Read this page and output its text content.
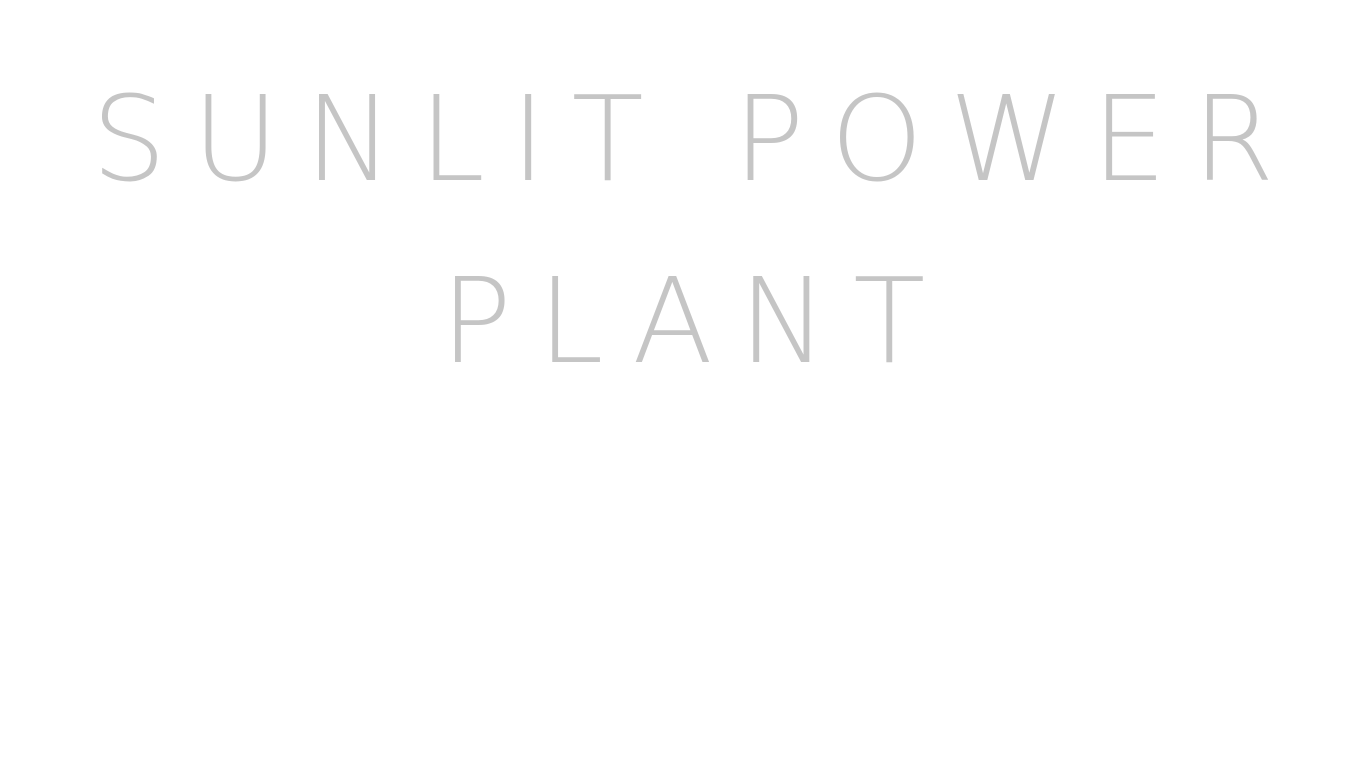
SUNLIT POWER
PLANT
